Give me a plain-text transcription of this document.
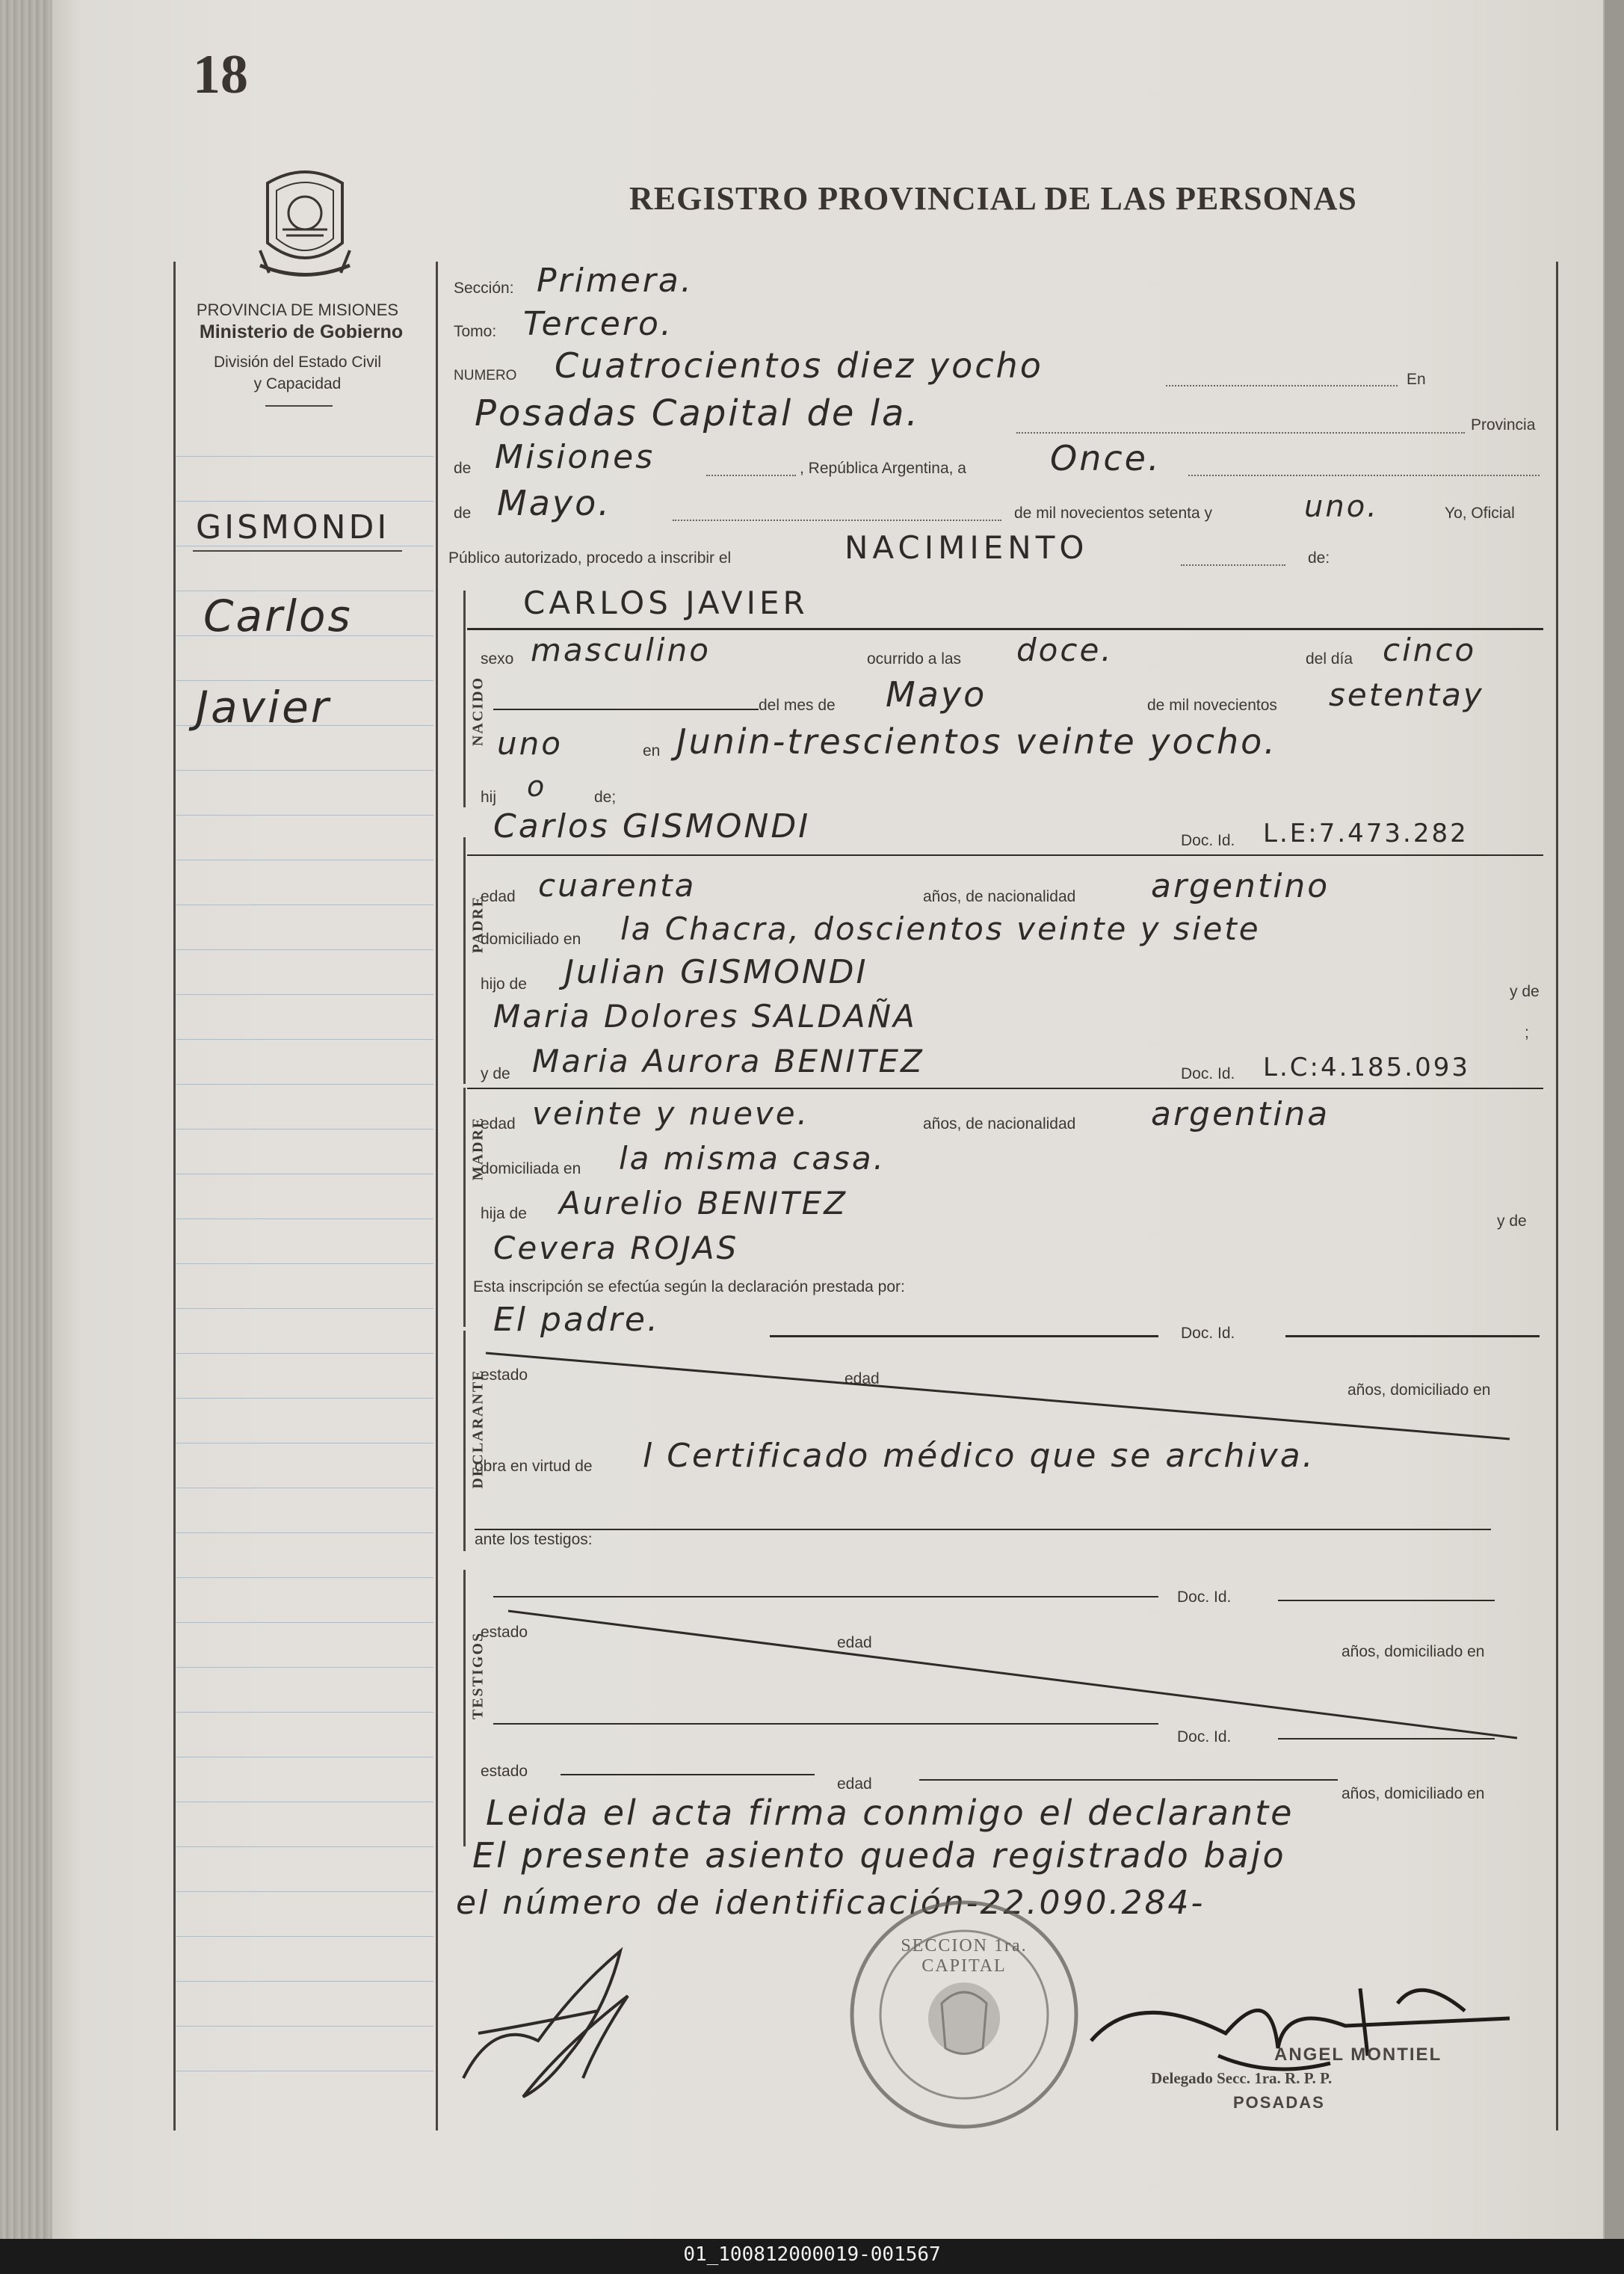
18
REGISTRO PROVINCIAL DE LAS PERSONAS
PROVINCIA DE MISIONES
Ministerio de Gobierno
División del Estado Civil
y Capacidad
GISMONDI
Carlos
Javier	NACIDO
PADRE
MADRE
DECLARANTE
TESTIGOS
Sección: Primera.
Tomo: Tercero.
NUMERO Cuatrocientos diez yocho	En
Posadas Capital de la.	Provincia
de Misiones	, República Argentina, a Once.
de Mayo.	de mil novecientos setenta y	uno.	Yo, Oficial
Público autorizado, procedo a inscribir el	NACIMIENTO	de:
CARLOS JAVIER
sexo masculino	ocurrido a las doce.	del día cinco
del mes de Mayo	de mil novecientos setentay
uno	en Junin-trescientos veinte yocho.
hij o	de;
Carlos GISMONDI	Doc. Id. L.E:7.473.282
edad cuarenta	años, de nacionalidad argentino
domiciliado en la Chacra, doscientos veinte y siete
hijo de Julian GISMONDI
y de
Maria Dolores SALDAÑA	;
y de Maria Aurora BENITEZ	Doc. Id. L.C:4.185.093
edad veinte y nueve.	años, de nacionalidad argentina
domiciliada en la misma casa.
hija de Aurelio BENITEZ	y de
Cevera ROJAS
Esta inscripción se efectúa según la declaración prestada por:
El padre.	Doc. Id.
estado	edad
años, domiciliado en
obra en virtud de l Certificado médico que se archiva.
ante los testigos:
Doc. Id.
estado
edad
años, domiciliado en
Doc. Id.
estado
edad
años, domiciliado en
Leida el acta firma conmigo el declarante
El presente asiento queda registrado bajo
el número de identificación-22.090.284-
SECCION 1ra. CAPITAL
ANGEL MONTIEL
Delegado Secc. 1ra. R. P. P.
POSADAS
01_100812000019-001567
